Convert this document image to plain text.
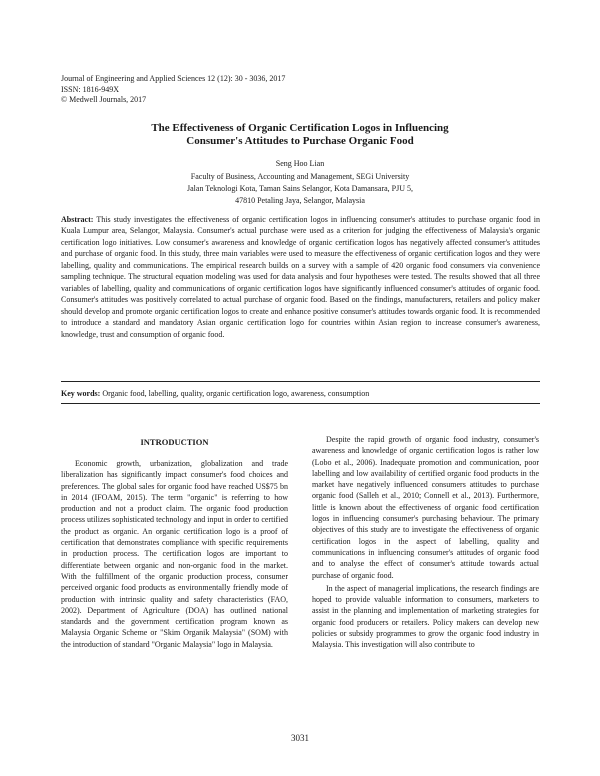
Journal of Engineering and Applied Sciences 12 (12): 30 - 3036, 2017
ISSN: 1816-949X
© Medwell Journals, 2017
The Effectiveness of Organic Certification Logos in Influencing
Consumer's Attitudes to Purchase Organic Food
Seng Hoo Lian
Faculty of Business, Accounting and Management, SEGi University
Jalan Teknologi Kota, Taman Sains Selangor, Kota Damansara, PJU 5,
47810 Petaling Jaya, Selangor, Malaysia
Abstract: This study investigates the effectiveness of organic certification logos in influencing consumer's attitudes to purchase organic food in Kuala Lumpur area, Selangor, Malaysia. Consumer's actual purchase were used as a criterion for judging the effectiveness of Malaysia's organic certification logo initiatives. Low consumer's awareness and knowledge of organic certification logos has negatively affected consumer's attitudes and purchase of organic food. In this study, three main variables were used to measure the effectiveness of organic certification logos and they were labelling, quality and communications. The empirical research builds on a survey with a sample of 420 organic food consumers via convenience sampling technique. The structural equation modeling was used for data analysis and four hypotheses were tested. The results showed that all three variables of labelling, quality and communications of organic certification logos have significantly influenced consumer's attitudes of organic food. Consumer's attitudes was positively correlated to actual purchase of organic food. Based on the findings, manufacturers, retailers and policy maker should develop and promote organic certification logos to create and enhance positive consumer's attitudes towards organic food. It is recommended to introduce a standard and mandatory Asian organic certification logo for countries within Asian region to increase consumer's awareness, knowledge, trust and consumption of organic food.
Key words: Organic food, labelling, quality, organic certification logo, awareness, consumption
INTRODUCTION

Economic growth, urbanization, globalization and trade liberalization has significantly impact consumer's food choices and preferences. The global sales for organic food have reached US$75 bn in 2014 (IFOAM, 2015). The term "organic" is referring to how production and not a product claim. The organic food production process utilizes sophisticated technology and input in order to certified the product as organic. An organic certification logo is a proof of certification that demonstrates compliance with specific requirements in production process. The certification logos are important to differentiate between organic and non-organic food in the market. With the fulfillment of the organic production process, consumer perceived organic food products as environmentally friendly mode of production with intrinsic quality and safety characteristics (FAO, 2002). Department of Agriculture (DOA) has outlined national standards and the government certification program known as Malaysia Organic Scheme or "Skim Organik Malaysia" (SOM) with the introduction of standard "Organic Malaysia" logo in Malaysia.

Despite the rapid growth of organic food industry, consumer's awareness and knowledge of organic certification logos is rather low (Lobo et al., 2006). Inadequate promotion and communication, poor labelling and low availability of certified organic food products in the market have negatively influenced consumers attitudes to purchase organic food (Salleh et al., 2010; Connell et al., 2013). Furthermore, little is known about the effectiveness of organic food certification logos in influencing consumer's purchasing behaviour. The primary objectives of this study are to investigate the effectiveness of organic certification logos in the aspect of labelling, quality and communications in influencing consumer's attitudes of organic food and to analyse the effect of consumer's attitude towards actual purchase of organic food.

In the aspect of managerial implications, the research findings are hoped to provide valuable information to consumers, marketers to assist in the planning and implementation of marketing strategies for organic food producers or retailers. Policy makers can develop new policies or subsidy programmes to grow the organic food industry in Malaysia. This investigation will also contribute to

3031
